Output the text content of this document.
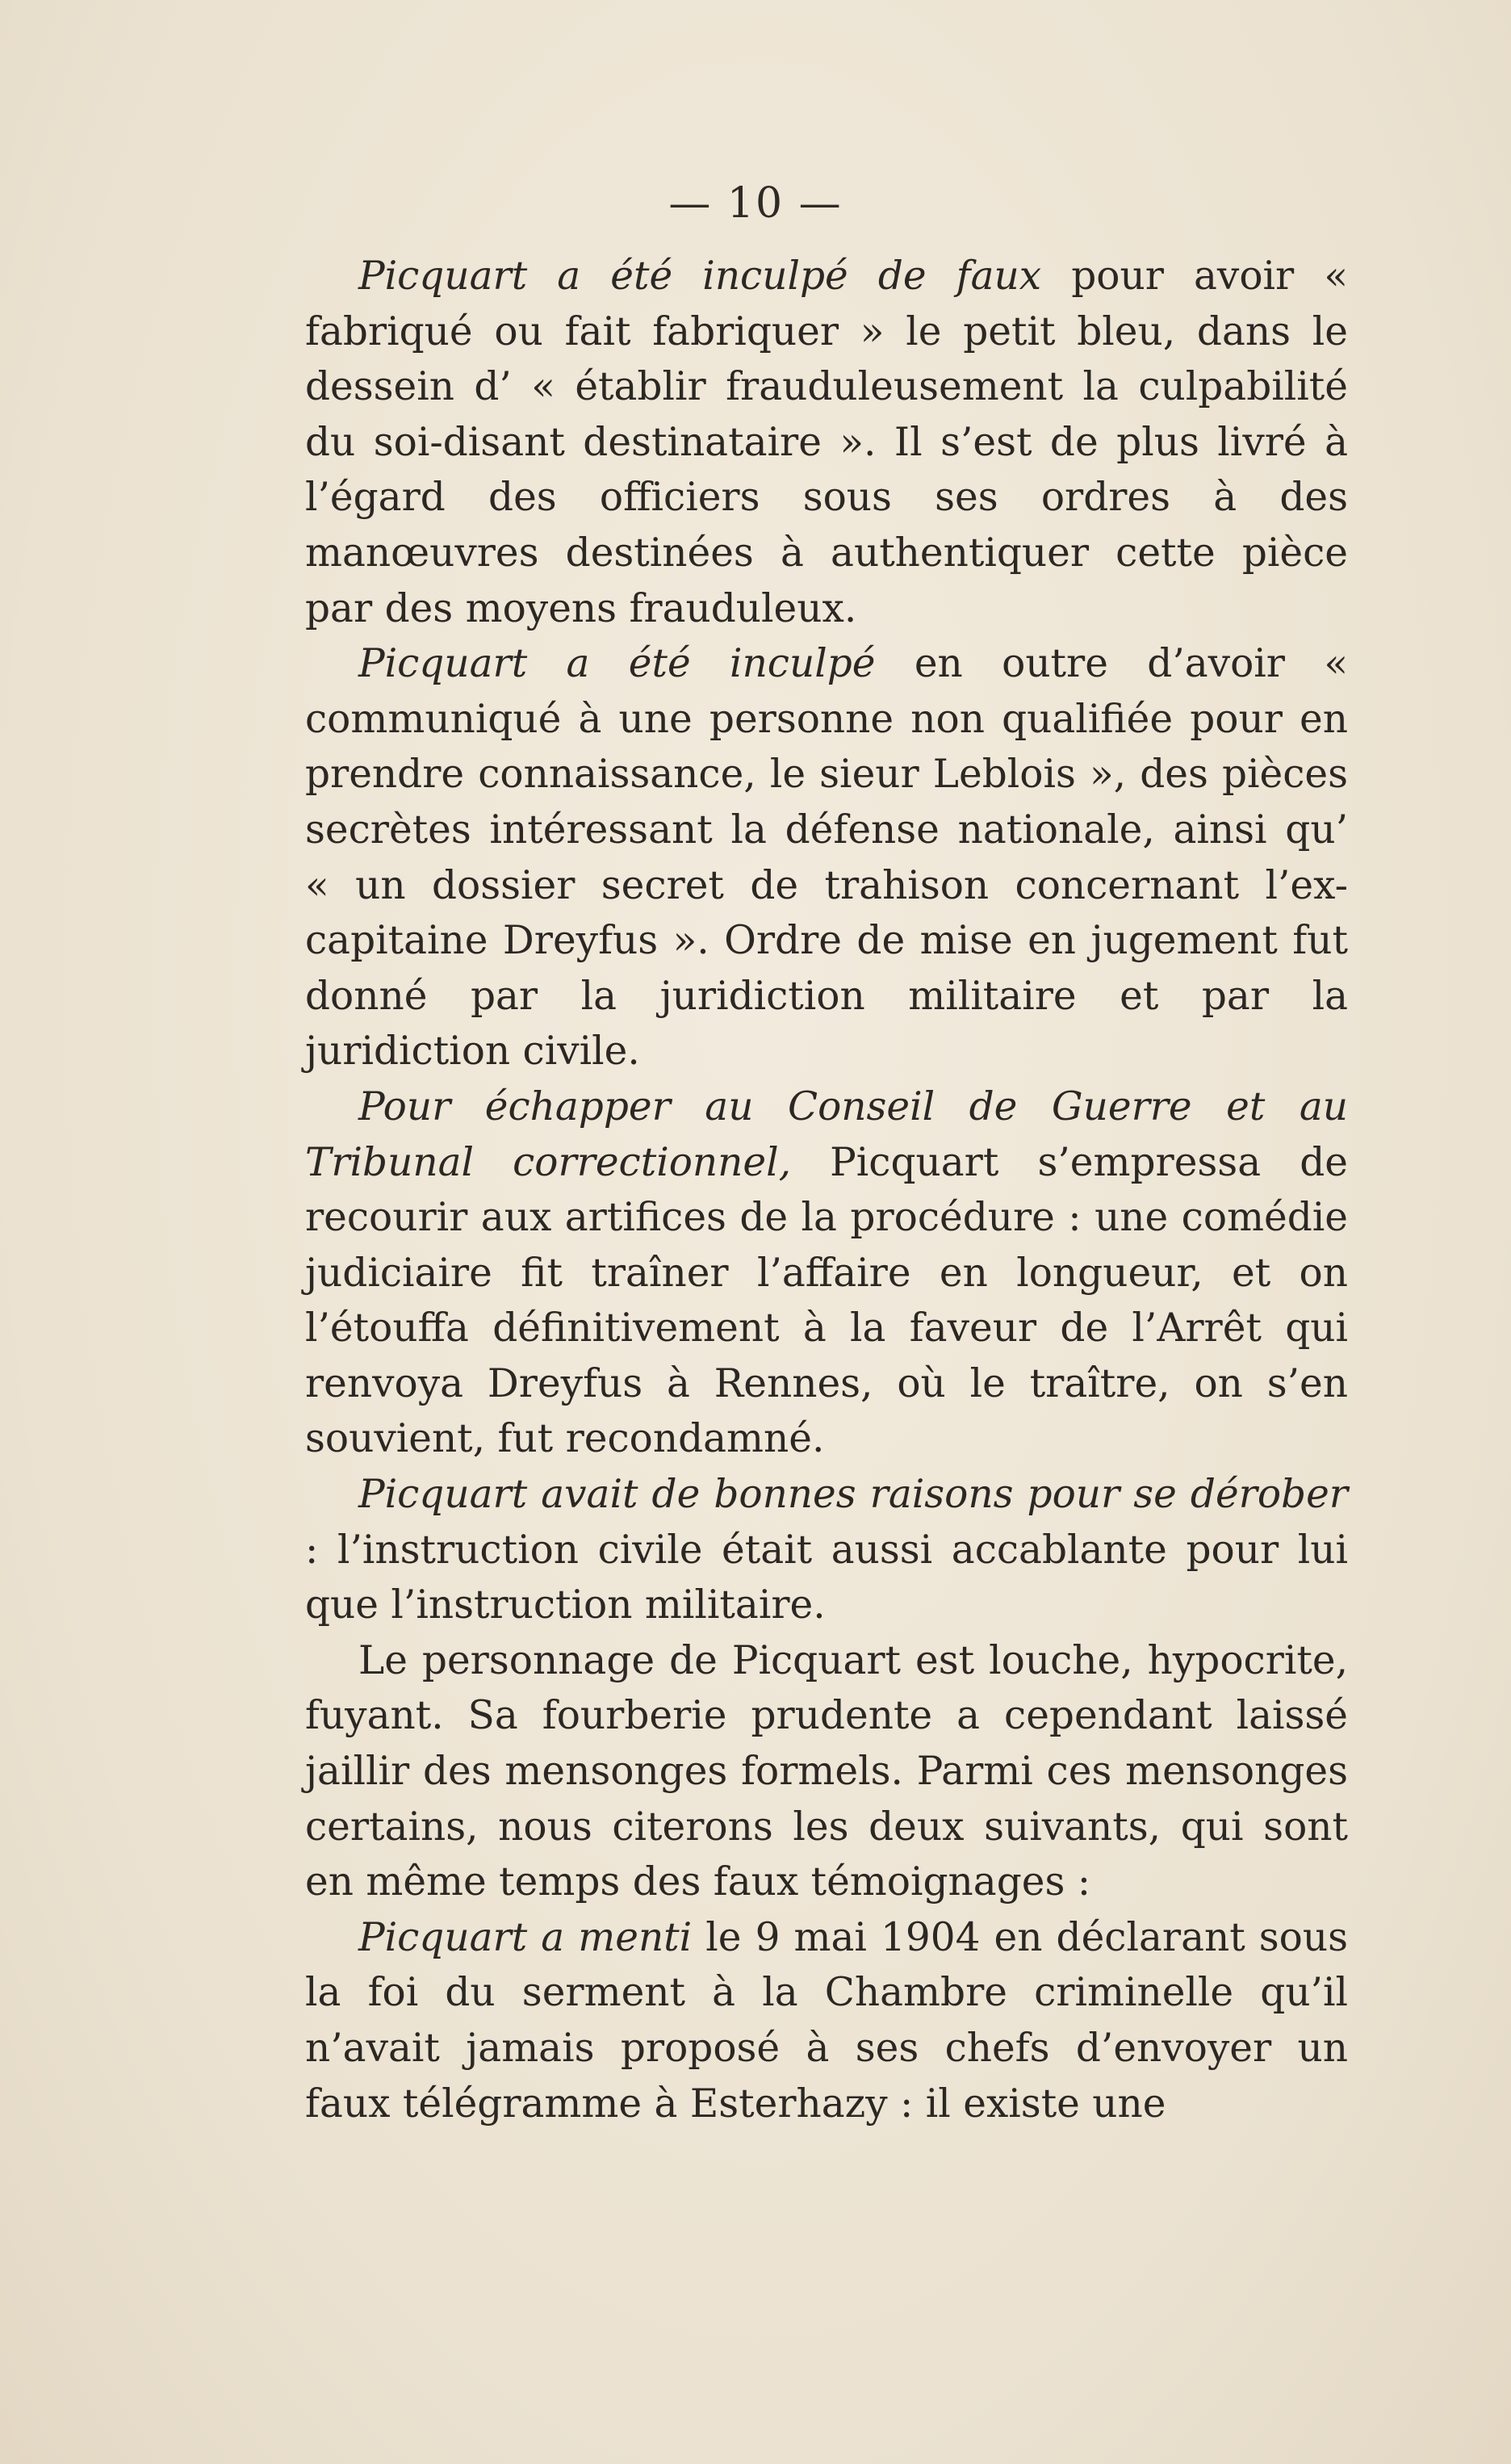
— 10 —

Picquart a été inculpé de faux pour avoir « fabriqué ou fait fabriquer » le petit bleu, dans le dessein d’ « établir frauduleusement la culpabilité du soi-disant destinataire ». Il s’est de plus livré à l’égard des officiers sous ses ordres à des manœuvres destinées à authentiquer cette pièce par des moyens frauduleux.

Picquart a été inculpé en outre d’avoir « communiqué à une personne non qualifiée pour en prendre connaissance, le sieur Leblois », des pièces secrètes intéressant la défense nationale, ainsi qu’ « un dossier secret de trahison concernant l’ex-capitaine Dreyfus ». Ordre de mise en jugement fut donné par la juridiction militaire et par la juridiction civile.

Pour échapper au Conseil de Guerre et au Tribunal correctionnel, Picquart s’empressa de recourir aux artifices de la procédure : une comédie judiciaire fit traîner l’affaire en longueur, et on l’étouffa définitivement à la faveur de l’Arrêt qui renvoya Dreyfus à Rennes, où le traître, on s’en souvient, fut recondamné.

Picquart avait de bonnes raisons pour se dérober : l’instruction civile était aussi accablante pour lui que l’instruction militaire.

Le personnage de Picquart est louche, hypocrite, fuyant. Sa fourberie prudente a cependant laissé jaillir des mensonges formels. Parmi ces mensonges certains, nous citerons les deux suivants, qui sont en même temps des faux témoignages :

Picquart a menti le 9 mai 1904 en déclarant sous la foi du serment à la Chambre criminelle qu’il n’avait jamais proposé à ses chefs d’envoyer un faux télégramme à Esterhazy : il existe une
